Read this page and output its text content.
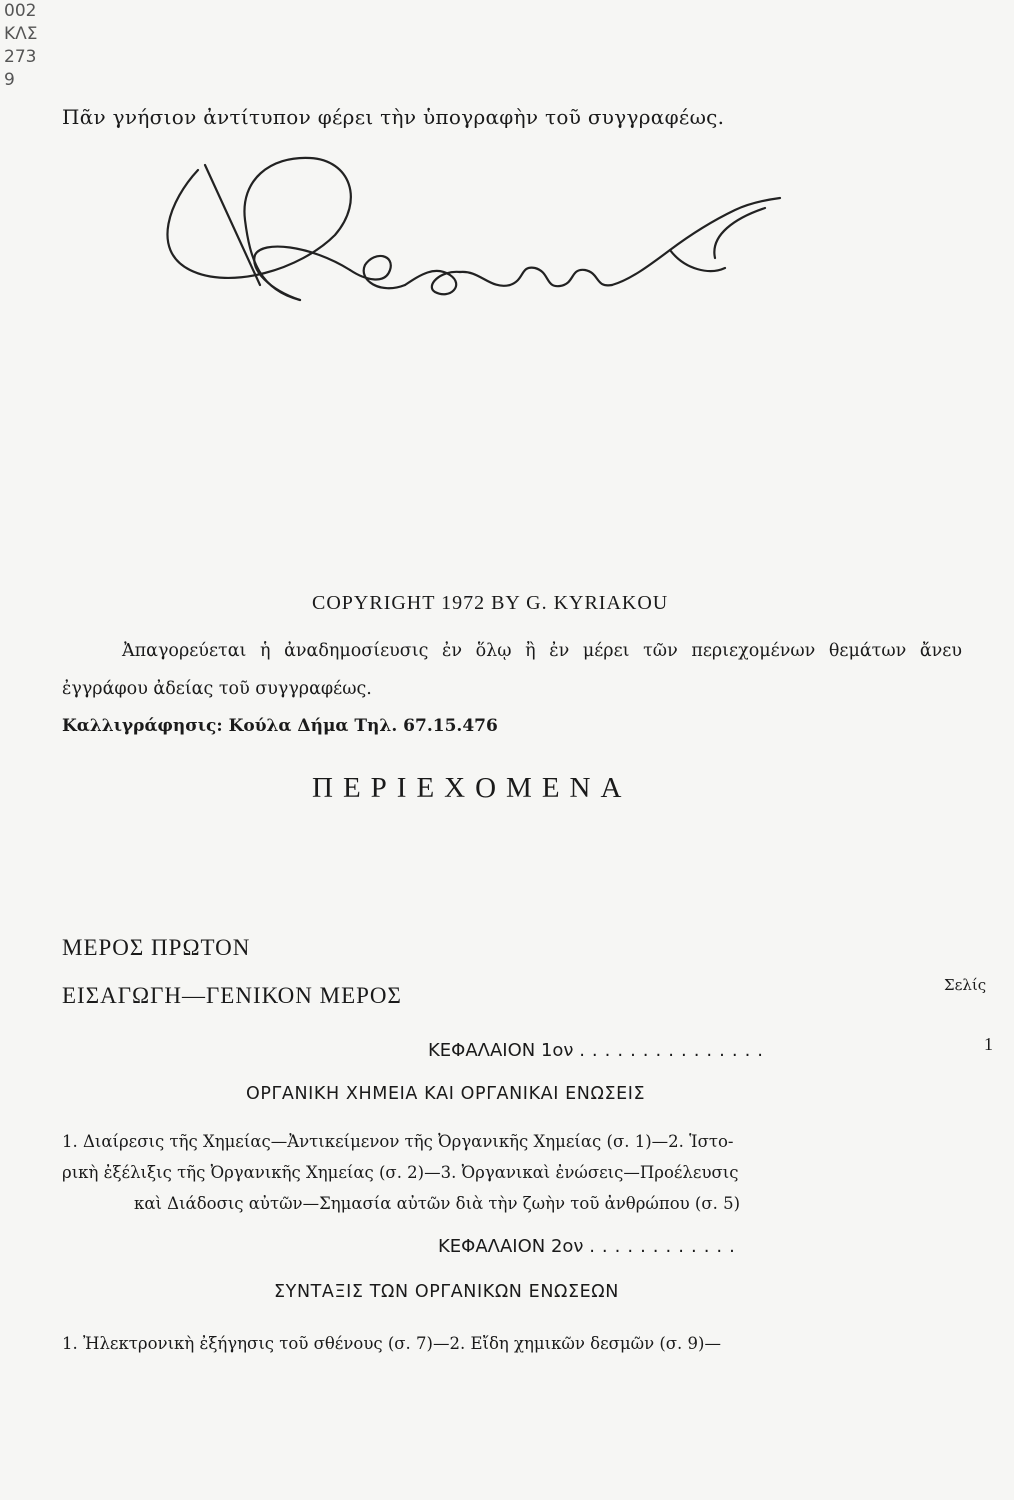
002
ΚΛΣ
273
9
Πᾶν γνήσιον ἀντίτυπον φέρει τὴν ὑπογραφὴν τοῦ συγγραφέως.
COPYRIGHT 1972 BY G. KYRIAKOU
Ἀπαγορεύεται ἡ ἀναδημοσίευσις ἐν ὅλῳ ἢ ἐν μέρει τῶν περιεχομένων θεμάτων ἄνευ ἐγγράφου ἀδείας τοῦ συγγραφέως.
Καλλιγράφησις: Κούλα Δήμα Τηλ. 67.15.476
ΠΕΡΙΕΧΟΜΕΝΑ
ΜΕΡΟΣ ΠΡΩΤΟΝ
ΕΙΣΑΓΩΓΗ—ΓΕΝΙΚΟΝ ΜΕΡΟΣ	Σελίς
ΚΕΦΑΛΑΙΟΝ 1ον ...............	1
ΟΡΓΑΝΙΚΗ ΧΗΜΕΙΑ ΚΑΙ ΟΡΓΑΝΙΚΑΙ ΕΝΩΣΕΙΣ
1. Διαίρεσις τῆς Χημείας—Ἀντικείμενον τῆς Ὀργανικῆς Χημείας (σ. 1)—2. Ἱστο-
ρικὴ ἐξέλιξις τῆς Ὀργανικῆς Χημείας (σ. 2)—3. Ὀργανικαὶ ἐνώσεις—Προέλευσις
καὶ Διάδοσις αὐτῶν—Σημασία αὐτῶν διὰ τὴν ζωὴν τοῦ ἀνθρώπου (σ. 5)
ΚΕΦΑΛΑΙΟΝ 2ον ............
ΣΥΝΤΑΞΙΣ ΤΩΝ ΟΡΓΑΝΙΚΩΝ ΕΝΩΣΕΩΝ
1. Ἠλεκτρονικὴ ἐξήγησις τοῦ σθένους (σ. 7)—2. Εἴδη χημικῶν δεσμῶν (σ. 9)—
